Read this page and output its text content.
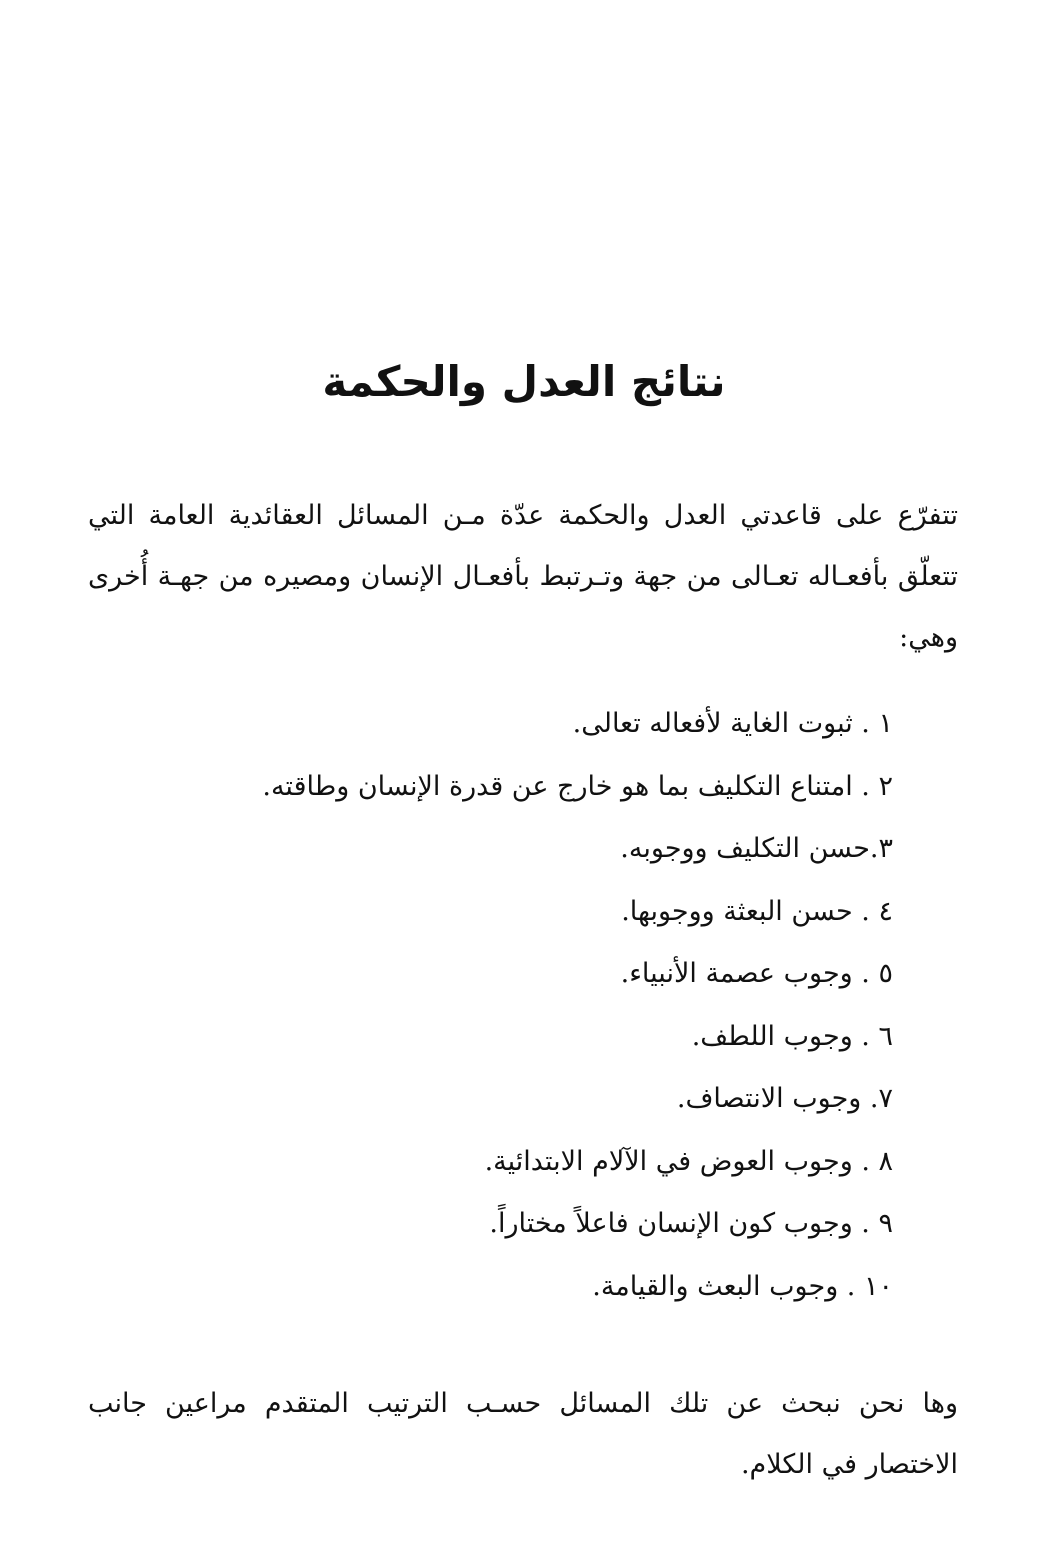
نتائج العدل والحكمة

تتفرّع على قاعدتي العدل والحكمة عدّة مـن المسائل العقائدية العامة التي تتعلّق بأفعـاله تعـالى من جهة وتـرتبط بأفعـال الإنسان ومصيره من جهـة أُخرى وهي:

١ . ثبوت الغاية لأفعاله تعالى.
٢ . امتناع التكليف بما هو خارج عن قدرة الإنسان وطاقته.
٣.حسن التكليف ووجوبه.
٤ . حسن البعثة ووجوبها.
٥ . وجوب عصمة الأنبياء.
٦ . وجوب اللطف.
٧. وجوب الانتصاف.
٨ . وجوب العوض في الآلام الابتدائية.
٩ . وجوب كون الإنسان فاعلاً مختاراً.
١٠ . وجوب البعث والقيامة.

وها نحن نبحث عن تلك المسائل حسـب الترتيب المتقدم مراعين جانب الاختصار في الكلام.
